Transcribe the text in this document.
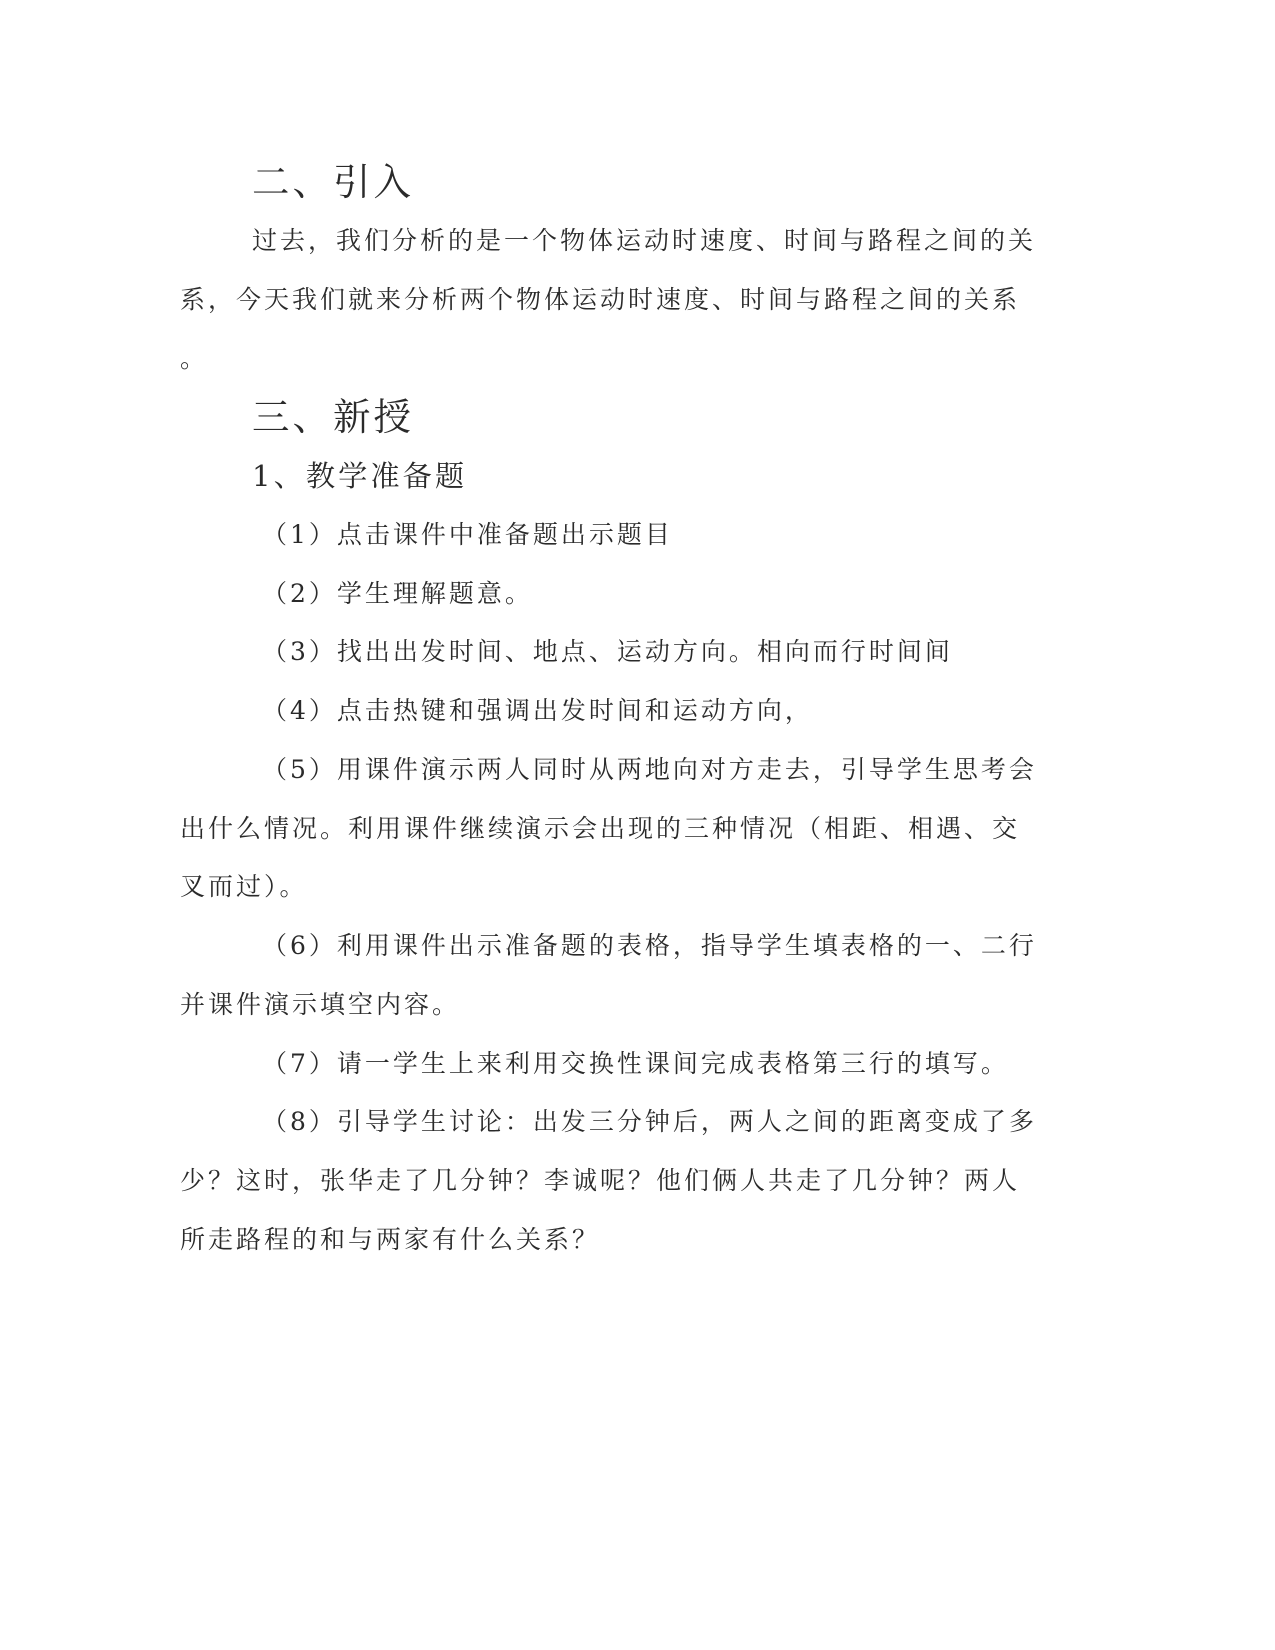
二、引入

过去，我们分析的是一个物体运动时速度、时间与路程之间的关

系，今天我们就来分析两个物体运动时速度、时间与路程之间的关系

。

三、新授
1、教学准备题

（1）点击课件中准备题出示题目

（2）学生理解题意。

（3）找出出发时间、地点、运动方向。相向而行时间间

（4）点击热键和强调出发时间和运动方向，

（5）用课件演示两人同时从两地向对方走去，引导学生思考会

出什么情况。利用课件继续演示会出现的三种情况（相距、相遇、交

叉而过）。

（6）利用课件出示准备题的表格，指导学生填表格的一、二行

并课件演示填空内容。

（7）请一学生上来利用交换性课间完成表格第三行的填写。

（8）引导学生讨论：出发三分钟后，两人之间的距离变成了多

少？这时，张华走了几分钟？李诚呢？他们俩人共走了几分钟？两人

所走路程的和与两家有什么关系？
